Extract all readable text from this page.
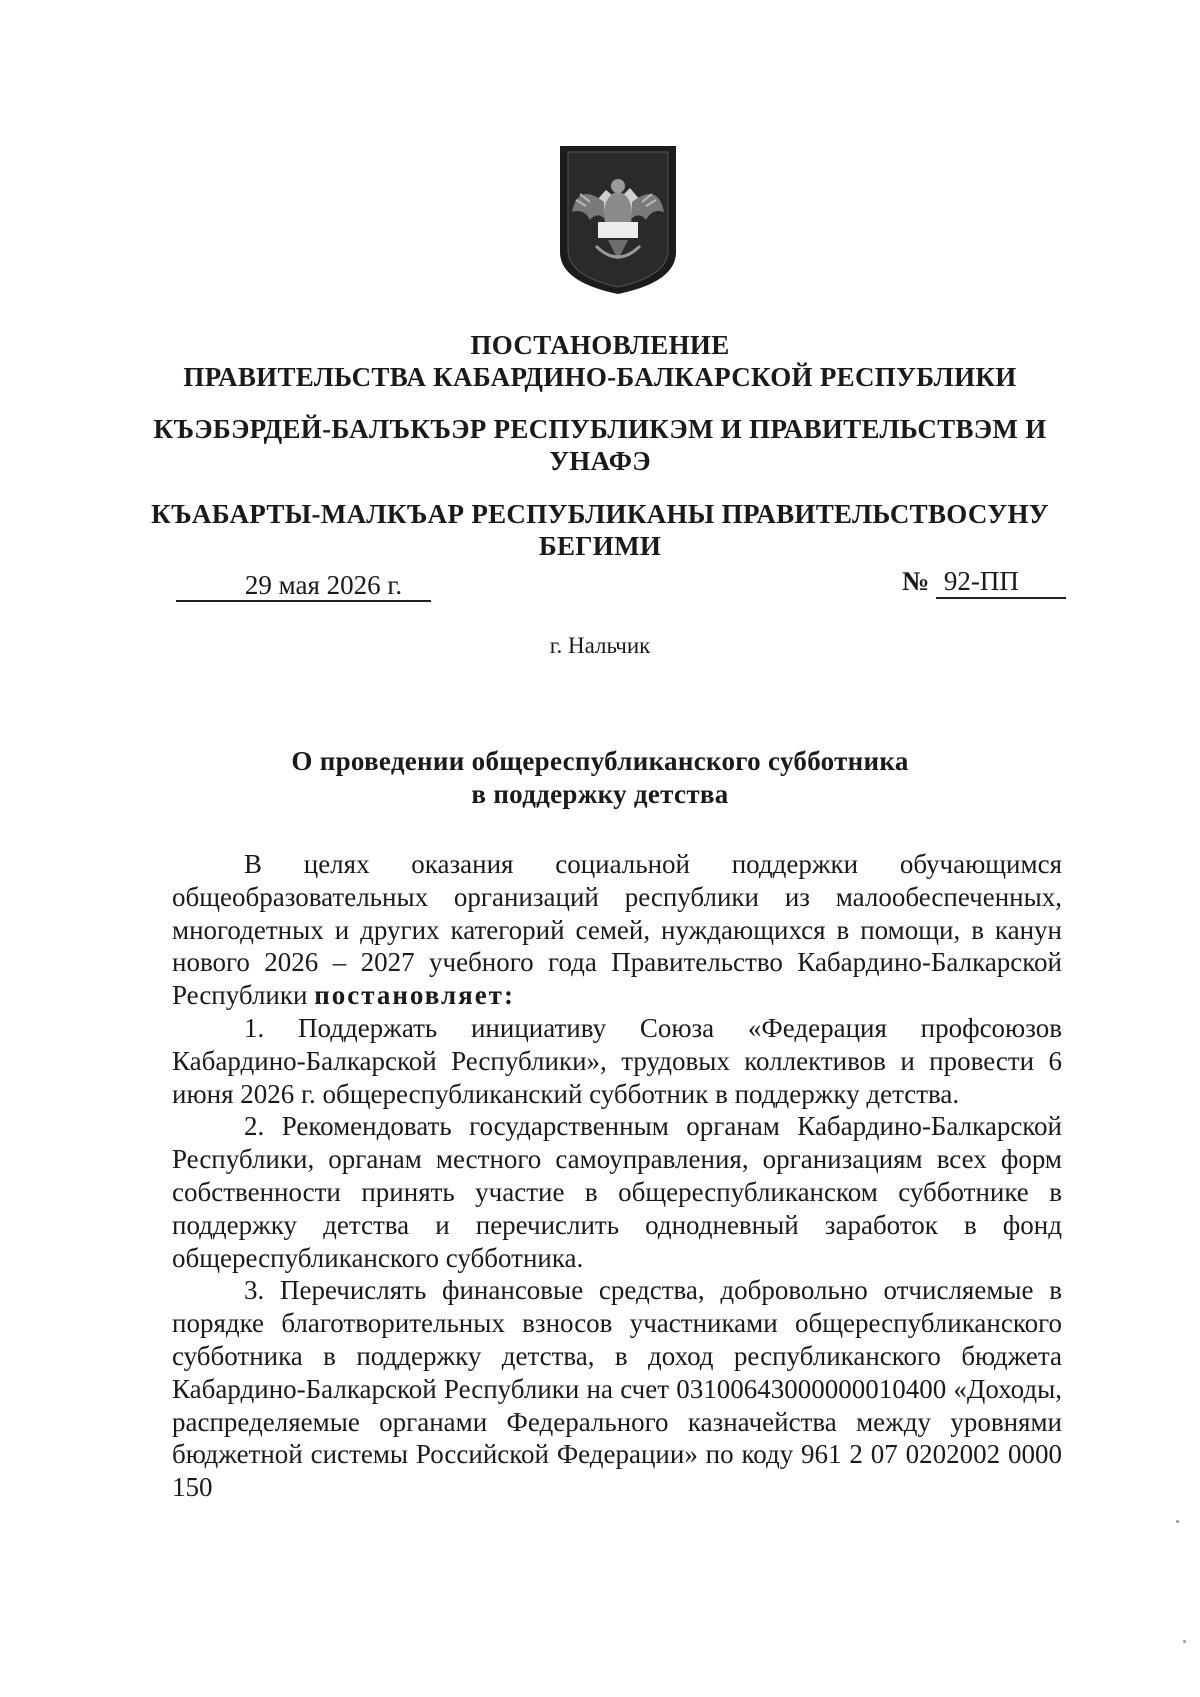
ПОСТАНОВЛЕНИЕ
ПРАВИТЕЛЬСТВА КАБАРДИНО-БАЛКАРСКОЙ РЕСПУБЛИКИ
КЪЭБЭРДЕЙ-БАЛЪКЪЭР РЕСПУБЛИКЭМ И ПРАВИТЕЛЬСТВЭМ И
УНАФЭ
КЪАБАРТЫ-МАЛКЪАР РЕСПУБЛИКАНЫ ПРАВИТЕЛЬСТВОСУНУ
БЕГИМИ
29 мая 2026 г.	№ 92-ПП
г. Нальчик
О проведении общереспубликанского субботника
в поддержку детства

В целях оказания социальной поддержки обучающимся общеобразовательных организаций республики из малообеспеченных, многодетных и других категорий семей, нуждающихся в помощи, в канун нового 2026 – 2027 учебного года Правительство Кабардино-Балкарской Республики постановляет:

1. Поддержать инициативу Союза «Федерация профсоюзов Кабардино-Балкарской Республики», трудовых коллективов и провести 6 июня 2026 г. общереспубликанский субботник в поддержку детства.

2. Рекомендовать государственным органам Кабардино-Балкарской Республики, органам местного самоуправления, организациям всех форм собственности принять участие в общереспубликанском субботнике в поддержку детства и перечислить однодневный заработок в фонд общереспубликанского субботника.

3. Перечислять финансовые средства, добровольно отчисляемые в порядке благотворительных взносов участниками общереспубликанского субботника в поддержку детства, в доход республиканского бюджета Кабардино-Балкарской Республики на счет 03100643000000010400 «Доходы, распределяемые органами Федерального казначейства между уровнями бюджетной системы Российской Федерации» по коду 961 2 07 0202002 0000 150
